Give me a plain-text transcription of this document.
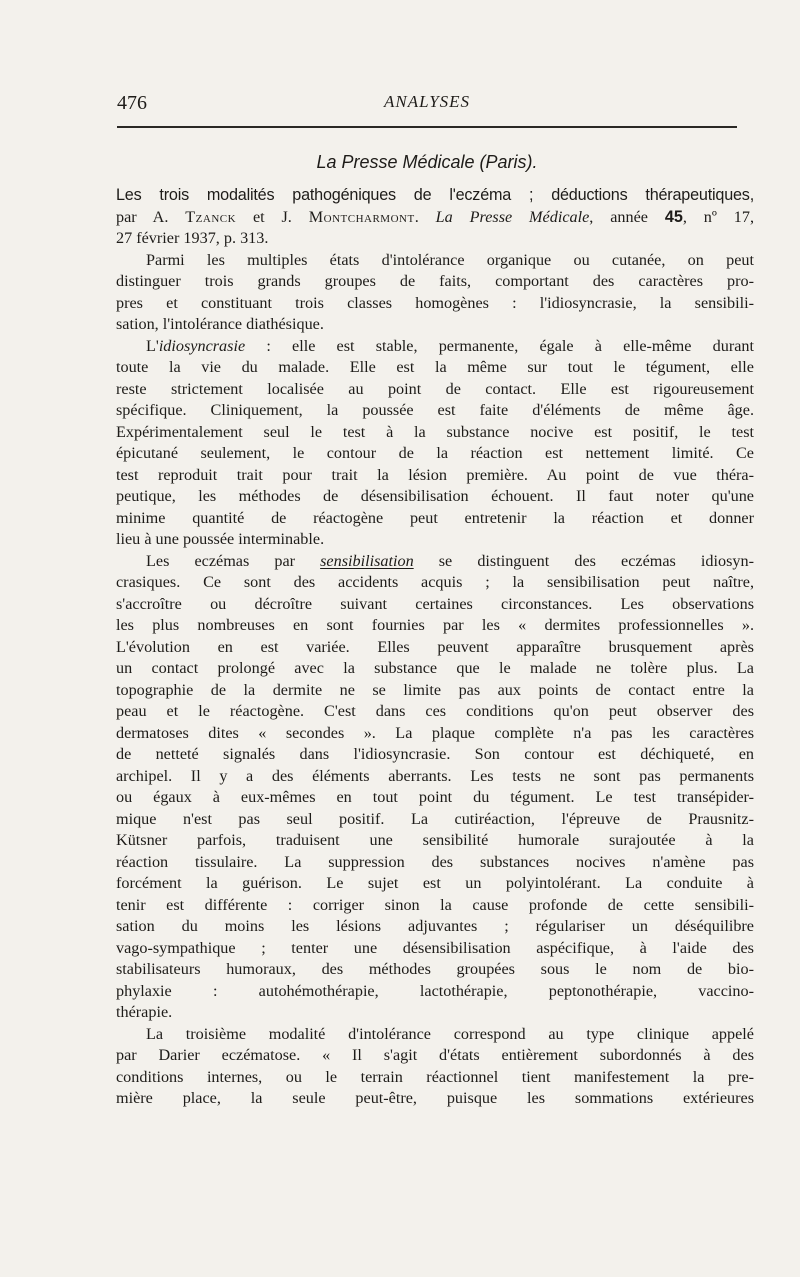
476	ANALYSES
La Presse Médicale (Paris).
Les trois modalités pathogéniques de l'eczéma ; déductions thérapeutiques,
par A. Tzanck et J. Montcharmont. La Presse Médicale, année 45, nº 17,
27 février 1937, p. 313.
Parmi les multiples états d'intolérance organique ou cutanée, on peut
distinguer trois grands groupes de faits, comportant des caractères pro-
pres et constituant trois classes homogènes : l'idiosyncrasie, la sensibili-
sation, l'intolérance diathésique.
L'idiosyncrasie : elle est stable, permanente, égale à elle-même durant
toute la vie du malade. Elle est la même sur tout le tégument, elle
reste strictement localisée au point de contact. Elle est rigoureusement
spécifique. Cliniquement, la poussée est faite d'éléments de même âge.
Expérimentalement seul le test à la substance nocive est positif, le test
épicutané seulement, le contour de la réaction est nettement limité. Ce
test reproduit trait pour trait la lésion première. Au point de vue théra-
peutique, les méthodes de désensibilisation échouent. Il faut noter qu'une
minime quantité de réactogène peut entretenir la réaction et donner
lieu à une poussée interminable.
Les eczémas par sensibilisation se distinguent des eczémas idiosyn-
crasiques. Ce sont des accidents acquis ; la sensibilisation peut naître,
s'accroître ou décroître suivant certaines circonstances. Les observations
les plus nombreuses en sont fournies par les « dermites professionnelles ».
L'évolution en est variée. Elles peuvent apparaître brusquement après
un contact prolongé avec la substance que le malade ne tolère plus. La
topographie de la dermite ne se limite pas aux points de contact entre la
peau et le réactogène. C'est dans ces conditions qu'on peut observer des
dermatoses dites « secondes ». La plaque complète n'a pas les caractères
de netteté signalés dans l'idiosyncrasie. Son contour est déchiqueté, en
archipel. Il y a des éléments aberrants. Les tests ne sont pas permanents
ou égaux à eux-mêmes en tout point du tégument. Le test transépider-
mique n'est pas seul positif. La cutiréaction, l'épreuve de Prausnitz-
Kütsner parfois, traduisent une sensibilité humorale surajoutée à la
réaction tissulaire. La suppression des substances nocives n'amène pas
forcément la guérison. Le sujet est un polyintolérant. La conduite à
tenir est différente : corriger sinon la cause profonde de cette sensibili-
sation du moins les lésions adjuvantes ; régulariser un déséquilibre
vago-sympathique ; tenter une désensibilisation aspécifique, à l'aide des
stabilisateurs humoraux, des méthodes groupées sous le nom de bio-
phylaxie : autohémothérapie, lactothérapie, peptonothérapie, vaccino-
thérapie.
La troisième modalité d'intolérance correspond au type clinique appelé
par Darier eczématose. « Il s'agit d'états entièrement subordonnés à des
conditions internes, ou le terrain réactionnel tient manifestement la pre-
mière place, la seule peut-être, puisque les sommations extérieures
